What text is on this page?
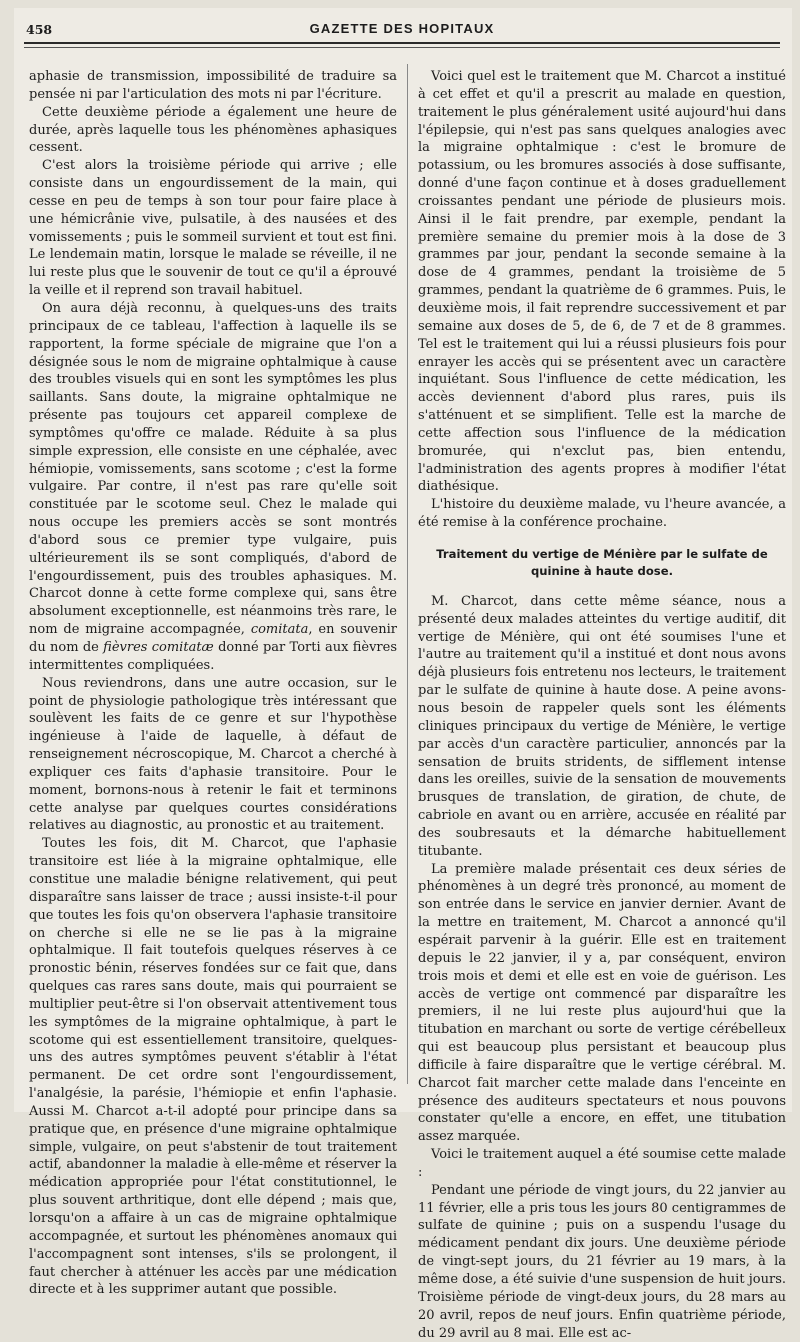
458	GAZETTE DES HOPITAUX

aphasie de transmission, impossibilité de traduire sa pensée ni par l'articulation des mots ni par l'écriture.

Cette deuxième période a également une heure de durée, après laquelle tous les phénomènes aphasiques cessent.

C'est alors la troisième période qui arrive ; elle consiste dans un engourdissement de la main, qui cesse en peu de temps à son tour pour faire place à une hémicrânie vive, pulsatile, à des nausées et des vomissements ; puis le sommeil survient et tout est fini. Le lendemain matin, lorsque le malade se réveille, il ne lui reste plus que le souvenir de tout ce qu'il a éprouvé la veille et il reprend son travail habituel.

On aura déjà reconnu, à quelques-uns des traits principaux de ce tableau, l'affection à laquelle ils se rapportent, la forme spéciale de migraine que l'on a désignée sous le nom de migraine ophtalmique à cause des troubles visuels qui en sont les symptômes les plus saillants. Sans doute, la migraine ophtalmique ne présente pas toujours cet appareil complexe de symptômes qu'offre ce malade. Réduite à sa plus simple expression, elle consiste en une céphalée, avec hémiopie, vomissements, sans scotome ; c'est la forme vulgaire. Par contre, il n'est pas rare qu'elle soit constituée par le scotome seul. Chez le malade qui nous occupe les premiers accès se sont montrés d'abord sous ce premier type vulgaire, puis ultérieurement ils se sont compliqués, d'abord de l'engourdissement, puis des troubles aphasiques. M. Charcot donne à cette forme complexe qui, sans être absolument exceptionnelle, est néanmoins très rare, le nom de migraine accompagnée, comitata, en souvenir du nom de fièvres comitatæ donné par Torti aux fièvres intermittentes compliquées.

Nous reviendrons, dans une autre occasion, sur le point de physiologie pathologique très intéressant que soulèvent les faits de ce genre et sur l'hypothèse ingénieuse à l'aide de laquelle, à défaut de renseignement nécroscopique, M. Charcot a cherché à expliquer ces faits d'aphasie transitoire. Pour le moment, bornons-nous à retenir le fait et terminons cette analyse par quelques courtes considérations relatives au diagnostic, au pronostic et au traitement.

Toutes les fois, dit M. Charcot, que l'aphasie transitoire est liée à la migraine ophtalmique, elle constitue une maladie bénigne relativement, qui peut disparaître sans laisser de trace ; aussi insiste-t-il pour que toutes les fois qu'on observera l'aphasie transitoire on cherche si elle ne se lie pas à la migraine ophtalmique. Il fait toutefois quelques réserves à ce pronostic bénin, réserves fondées sur ce fait que, dans quelques cas rares sans doute, mais qui pourraient se multiplier peut-être si l'on observait attentivement tous les symptômes de la migraine ophtalmique, à part le scotome qui est essentiellement transitoire, quelques-uns des autres symptômes peuvent s'établir à l'état permanent. De cet ordre sont l'engourdissement, l'analgésie, la parésie, l'hémiopie et enfin l'aphasie. Aussi M. Charcot a-t-il adopté pour principe dans sa pratique que, en présence d'une migraine ophtalmique simple, vulgaire, on peut s'abstenir de tout traitement actif, abandonner la maladie à elle-même et réserver la médication appropriée pour l'état constitutionnel, le plus souvent arthritique, dont elle dépend ; mais que, lorsqu'on a affaire à un cas de migraine ophtalmique accompagnée, et surtout les phénomènes anomaux qui l'accompagnent sont intenses, s'ils se prolongent, il faut chercher à atténuer les accès par une médication directe et à les supprimer autant que possible.

Voici quel est le traitement que M. Charcot a institué à cet effet et qu'il a prescrit au malade en question, traitement le plus généralement usité aujourd'hui dans l'épilepsie, qui n'est pas sans quelques analogies avec la migraine ophtalmique : c'est le bromure de potassium, ou les bromures associés à dose suffisante, donné d'une façon continue et à doses graduellement croissantes pendant une période de plusieurs mois. Ainsi il le fait prendre, par exemple, pendant la première semaine du premier mois à la dose de 3 grammes par jour, pendant la seconde semaine à la dose de 4 grammes, pendant la troisième de 5 grammes, pendant la quatrième de 6 grammes. Puis, le deuxième mois, il fait reprendre successivement et par semaine aux doses de 5, de 6, de 7 et de 8 grammes. Tel est le traitement qui lui a réussi plusieurs fois pour enrayer les accès qui se présentent avec un caractère inquiétant. Sous l'influence de cette médication, les accès deviennent d'abord plus rares, puis ils s'atténuent et se simplifient. Telle est la marche de cette affection sous l'influence de la médication bromurée, qui n'exclut pas, bien entendu, l'administration des agents propres à modifier l'état diathésique.

L'histoire du deuxième malade, vu l'heure avancée, a été remise à la conférence prochaine.

Traitement du vertige de Ménière par le sulfate de quinine à haute dose.

M. Charcot, dans cette même séance, nous a présenté deux malades atteintes du vertige auditif, dit vertige de Ménière, qui ont été soumises l'une et l'autre au traitement qu'il a institué et dont nous avons déjà plusieurs fois entretenu nos lecteurs, le traitement par le sulfate de quinine à haute dose. A peine avons-nous besoin de rappeler quels sont les éléments cliniques principaux du vertige de Ménière, le vertige par accès d'un caractère particulier, annoncés par la sensation de bruits stridents, de sifflement intense dans les oreilles, suivie de la sensation de mouvements brusques de translation, de giration, de chute, de cabriole en avant ou en arrière, accusée en réalité par des soubresauts et la démarche habituellement titubante.

La première malade présentait ces deux séries de phénomènes à un degré très prononcé, au moment de son entrée dans le service en janvier dernier. Avant de la mettre en traitement, M. Charcot a annoncé qu'il espérait parvenir à la guérir. Elle est en traitement depuis le 22 janvier, il y a, par conséquent, environ trois mois et demi et elle est en voie de guérison. Les accès de vertige ont commencé par disparaître les premiers, il ne lui reste plus aujourd'hui que la titubation en marchant ou sorte de vertige cérébelleux qui est beaucoup plus persistant et beaucoup plus difficile à faire disparaître que le vertige cérébral. M. Charcot fait marcher cette malade dans l'enceinte en présence des auditeurs spectateurs et nous pouvons constater qu'elle a encore, en effet, une titubation assez marquée.

Voici le traitement auquel a été soumise cette malade :

Pendant une période de vingt jours, du 22 janvier au 11 février, elle a pris tous les jours 80 centigrammes de sulfate de quinine ; puis on a suspendu l'usage du médicament pendant dix jours. Une deuxième période de vingt-sept jours, du 21 février au 19 mars, à la même dose, a été suivie d'une suspension de huit jours. Troisième période de vingt-deux jours, du 28 mars au 20 avril, repos de neuf jours. Enfin quatrième période, du 29 avril au 8 mai. Elle est ac-
